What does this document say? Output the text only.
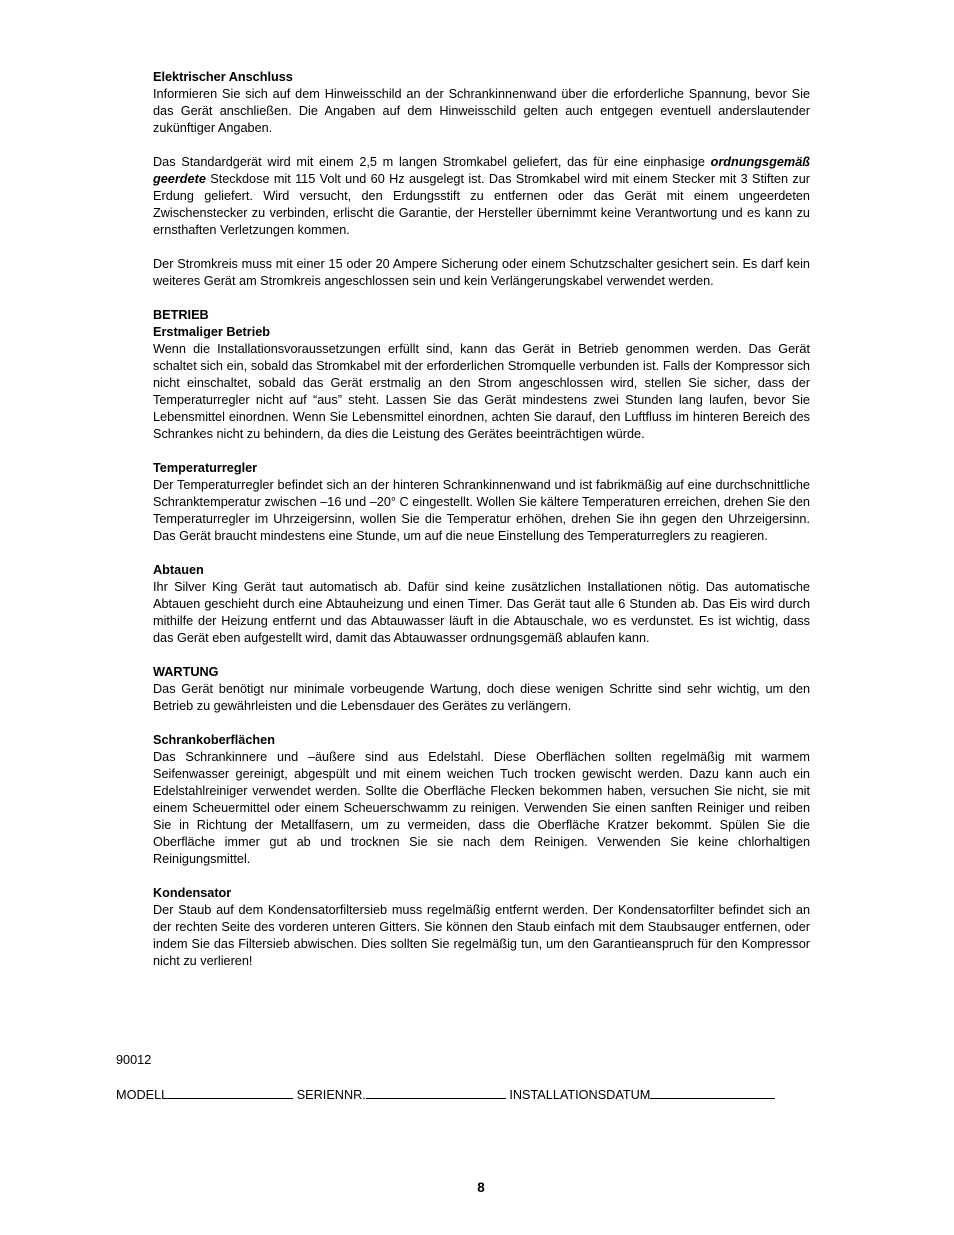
Elektrischer Anschluss

Informieren Sie sich auf dem Hinweisschild an der Schrankinnenwand über die erforderliche Spannung, bevor Sie das Gerät anschließen. Die Angaben auf dem Hinweisschild gelten auch entgegen eventuell anderslautender zukünftiger Angaben.

Das Standardgerät wird mit einem 2,5 m langen Stromkabel geliefert, das für eine einphasige ordnungsgemäß geerdete Steckdose mit 115 Volt und 60 Hz ausgelegt ist. Das Stromkabel wird mit einem Stecker mit 3 Stiften zur Erdung geliefert. Wird versucht, den Erdungsstift zu entfernen oder das Gerät mit einem ungeerdeten Zwischenstecker zu verbinden, erlischt die Garantie, der Hersteller übernimmt keine Verantwortung und es kann zu ernsthaften Verletzungen kommen.

Der Stromkreis muss mit einer 15 oder 20 Ampere Sicherung oder einem Schutzschalter gesichert sein. Es darf kein weiteres Gerät am Stromkreis angeschlossen sein und kein Verlängerungskabel verwendet werden.

BETRIEB
Erstmaliger Betrieb

Wenn die Installationsvoraussetzungen erfüllt sind, kann das Gerät in Betrieb genommen werden. Das Gerät schaltet sich ein, sobald das Stromkabel mit der erforderlichen Stromquelle verbunden ist. Falls der Kompressor sich nicht einschaltet, sobald das Gerät erstmalig an den Strom angeschlossen wird, stellen Sie sicher, dass der Temperaturregler nicht auf “aus” steht. Lassen Sie das Gerät mindestens zwei Stunden lang laufen, bevor Sie Lebensmittel einordnen. Wenn Sie Lebensmittel einordnen, achten Sie darauf, den Luftfluss im hinteren Bereich des Schrankes nicht zu behindern, da dies die Leistung des Gerätes beeinträchtigen würde.

Temperaturregler

Der Temperaturregler befindet sich an der hinteren Schrankinnenwand und ist fabrikmäßig auf eine durchschnittliche Schranktemperatur zwischen –16 und –20° C eingestellt. Wollen Sie kältere Temperaturen erreichen, drehen Sie den Temperaturregler im Uhrzeigersinn, wollen Sie die Temperatur erhöhen, drehen Sie ihn gegen den Uhrzeigersinn. Das Gerät braucht mindestens eine Stunde, um auf die neue Einstellung des Temperaturreglers zu reagieren.

Abtauen

Ihr Silver King Gerät taut automatisch ab. Dafür sind keine zusätzlichen Installationen nötig. Das automatische Abtauen geschieht durch eine Abtauheizung und einen Timer. Das Gerät taut alle 6 Stunden ab. Das Eis wird durch mithilfe der Heizung entfernt und das Abtauwasser läuft in die Abtauschale, wo es verdunstet. Es ist wichtig, dass das Gerät eben aufgestellt wird, damit das Abtauwasser ordnungsgemäß ablaufen kann.

WARTUNG

Das Gerät benötigt nur minimale vorbeugende Wartung, doch diese wenigen Schritte sind sehr wichtig, um den Betrieb zu gewährleisten und die Lebensdauer des Gerätes zu verlängern.

Schrankoberflächen

Das Schrankinnere und –äußere sind aus Edelstahl. Diese Oberflächen sollten regelmäßig mit warmem Seifenwasser gereinigt, abgespült und mit einem weichen Tuch trocken gewischt werden. Dazu kann auch ein Edelstahlreiniger verwendet werden. Sollte die Oberfläche Flecken bekommen haben, versuchen Sie nicht, sie mit einem Scheuermittel oder einem Scheuerschwamm zu reinigen. Verwenden Sie einen sanften Reiniger und reiben Sie in Richtung der Metallfasern, um zu vermeiden, dass die Oberfläche Kratzer bekommt. Spülen Sie die Oberfläche immer gut ab und trocknen Sie sie nach dem Reinigen. Verwenden Sie keine chlorhaltigen Reinigungsmittel.

Kondensator

Der Staub auf dem Kondensatorfiltersieb muss regelmäßig entfernt werden. Der Kondensatorfilter befindet sich an der rechten Seite des vorderen unteren Gitters. Sie können den Staub einfach mit dem Staubsauger entfernen, oder indem Sie das Filtersieb abwischen. Dies sollten Sie regelmäßig tun, um den Garantieanspruch für den Kompressor nicht zu verlieren!

90012
MODELL	SERIENNR.	INSTALLATIONSDATUM
8
